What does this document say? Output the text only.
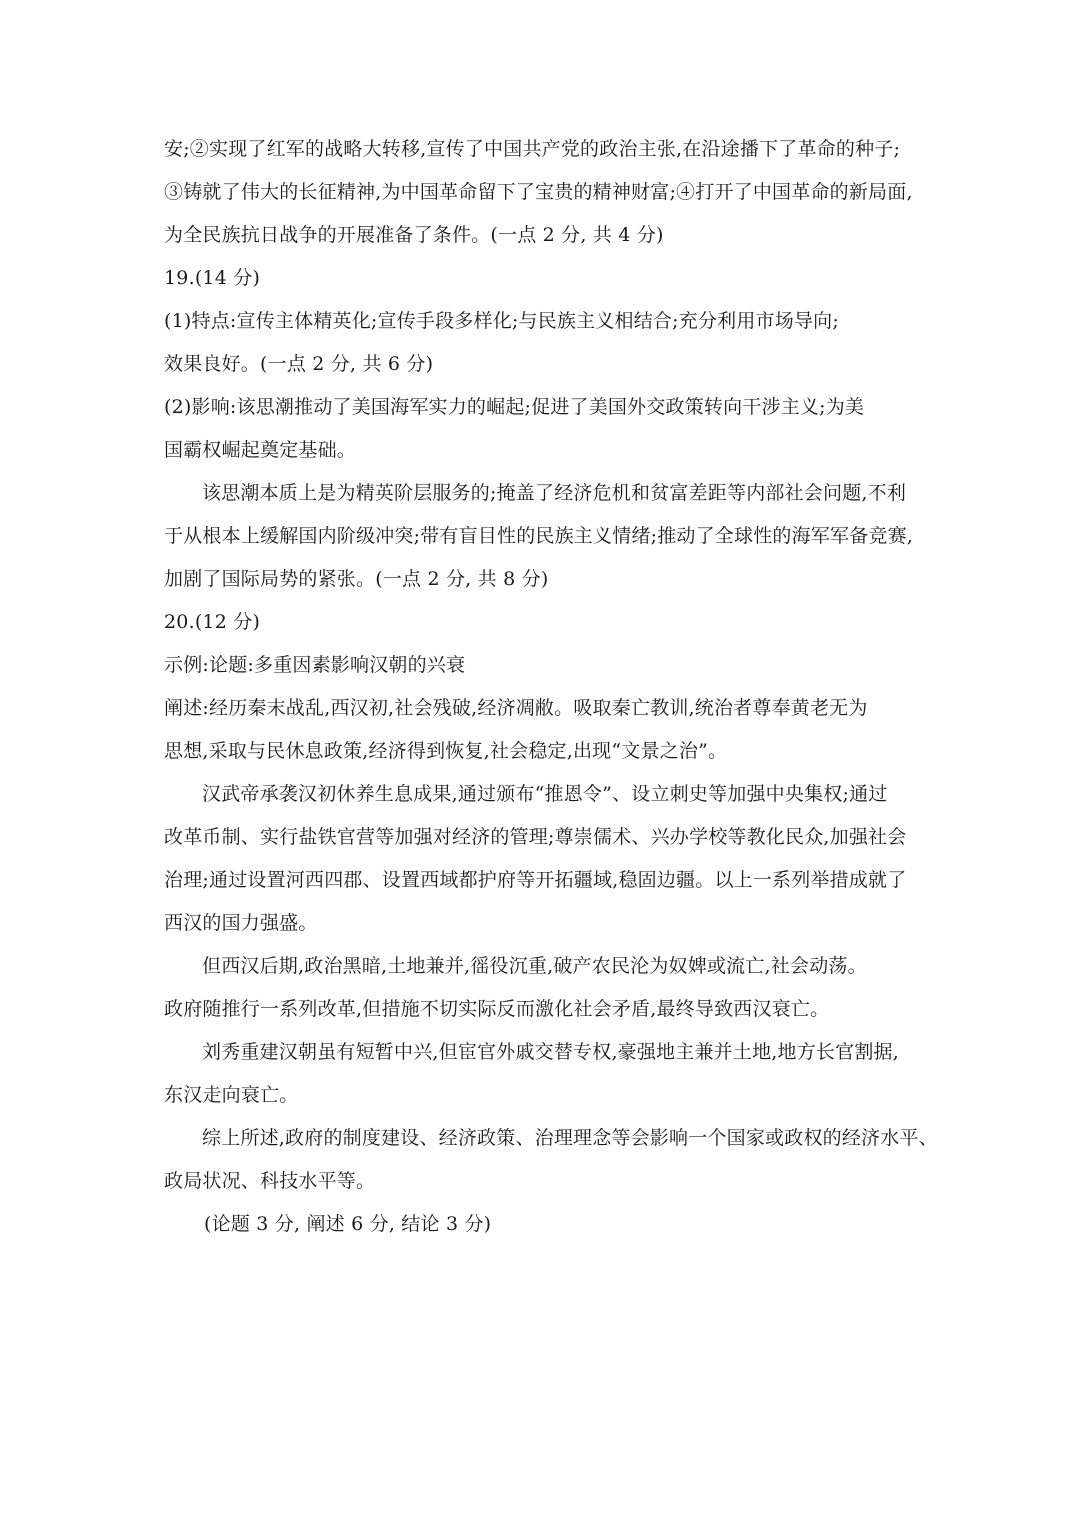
安;②实现了红军的战略大转移,宣传了中国共产党的政治主张,在沿途播下了革命的种子;
③铸就了伟大的长征精神,为中国革命留下了宝贵的精神财富;④打开了中国革命的新局面,
为全民族抗日战争的开展准备了条件。(一点 2 分, 共 4 分)
19.(14 分)
(1)特点:宣传主体精英化;宣传手段多样化;与民族主义相结合;充分利用市场导向;
效果良好。(一点 2 分, 共 6 分)
(2)影响:该思潮推动了美国海军实力的崛起;促进了美国外交政策转向干涉主义;为美
国霸权崛起奠定基础。
该思潮本质上是为精英阶层服务的;掩盖了经济危机和贫富差距等内部社会问题,不利
于从根本上缓解国内阶级冲突;带有盲目性的民族主义情绪;推动了全球性的海军军备竞赛,
加剧了国际局势的紧张。(一点 2 分, 共 8 分)
20.(12 分)
示例:论题:多重因素影响汉朝的兴衰
阐述:经历秦末战乱,西汉初,社会残破,经济凋敝。吸取秦亡教训,统治者尊奉黄老无为
思想,采取与民休息政策,经济得到恢复,社会稳定,出现“文景之治”。
汉武帝承袭汉初休养生息成果,通过颁布“推恩令”、设立刺史等加强中央集权;通过
改革币制、实行盐铁官营等加强对经济的管理;尊崇儒术、兴办学校等教化民众,加强社会
治理;通过设置河西四郡、设置西域都护府等开拓疆域,稳固边疆。以上一系列举措成就了
西汉的国力强盛。
但西汉后期,政治黑暗,土地兼并,徭役沉重,破产农民沦为奴婢或流亡,社会动荡。
政府随推行一系列改革,但措施不切实际反而激化社会矛盾,最终导致西汉衰亡。
刘秀重建汉朝虽有短暂中兴,但宦官外戚交替专权,豪强地主兼并土地,地方长官割据,
东汉走向衰亡。
综上所述,政府的制度建设、经济政策、治理理念等会影响一个国家或政权的经济水平、
政局状况、科技水平等。
(论题 3 分, 阐述 6 分, 结论 3 分)
